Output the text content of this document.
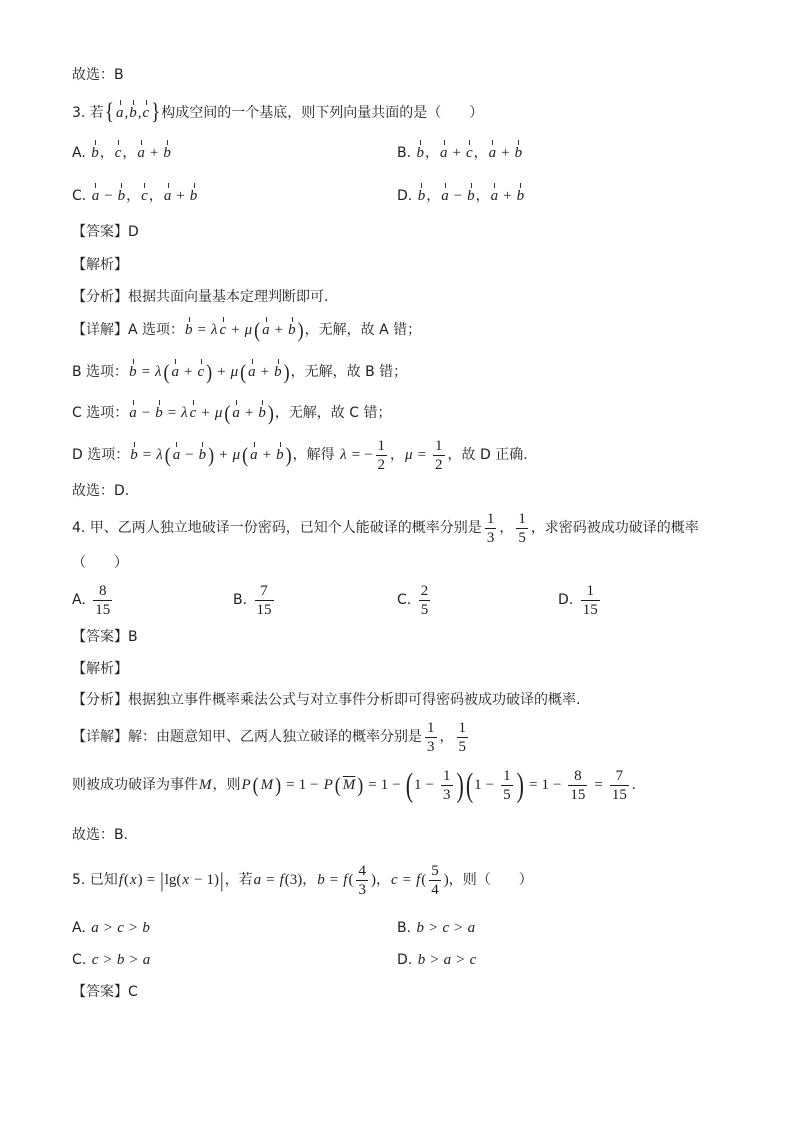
故选：B
3. 若 { a , b , c } 构成空间的一个基底，则下列向量共面的是（　　）
A. b ， c ， a + b	B. b ， a + c ， a + b
C. a − b ， c ， a + b	D. b ， a − b ， a + b
【答案】D
【解析】
【分析】根据共面向量基本定理判断即可.
【详解】A 选项： b = λ c + μ ( a + b ) ，无解，故 A 错；
B 选项： b = λ ( a + c ) + μ ( a + b ) ，无解，故 B 错；
C 选项： a − b = λ c + μ ( a + b ) ，无解，故 C 错；
D 选项： b = λ ( a − b ) + μ ( a + b ) ，解得 λ = − $\frac{1}{2}$ ， $\mu = \frac{1}{2}$ ，故 D 正确.
故选：D.
4. 甲、乙两人独立地破译一份密码，已知个人能破译的概率分别是 $\frac{1}{3}$ ， $\frac{1}{5}$ ，求密码被成功破译的概率
（　　）
A. $\frac{8}{15}$	B. $\frac{7}{15}$	C. $\frac{2}{5}$	D. $\frac{1}{15}$
【答案】B
【解析】
【分析】根据独立事件概率乘法公式与对立事件分析即可得密码被成功破译的概率.
【详解】解：由题意知甲、乙两人独立破译的概率分别是 $\frac{1}{3}$ ， $\frac{1}{5}$
则被成功破译为事件 M ，则 P ( M ) = 1 − P ( $\overline{M}$ ) = 1 − ( $1 - \frac{1}{3}$ ) ( $1 - \frac{1}{5}$ ) = $1 - \frac{8}{15} = \frac{7}{15}$ .
故选：B.
5. 已知 f ( x ) = | lg ( x − 1 ) | ，若 a = f (3) ， b = f ( $\frac{4}{3}$ ) ， c = f ( $\frac{5}{4}$ ) ，则（　　）
A. a > c > b	B. b > c > a
C. c > b > a	D. b > a > c
【答案】C
